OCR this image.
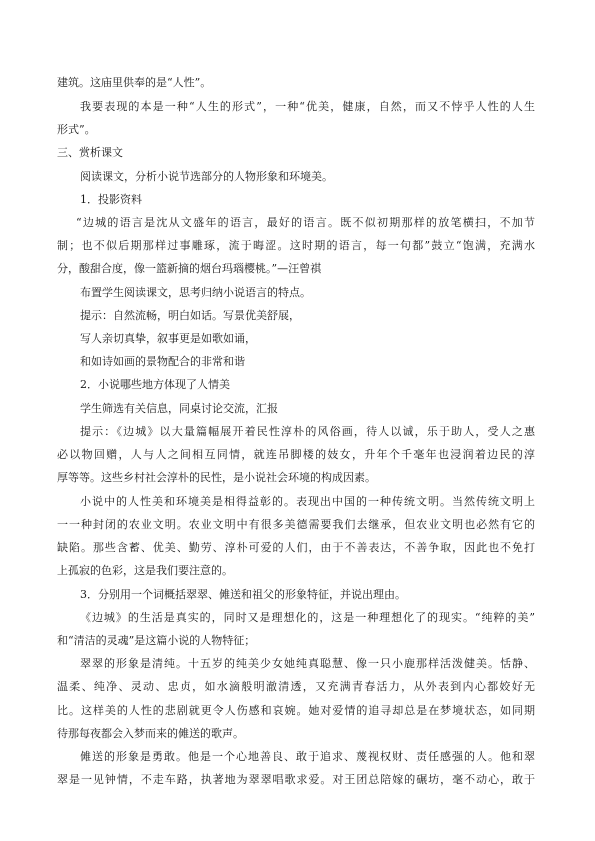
建筑。这庙里供奉的是“人性”。
我要表现的本是一种“人生的形式”，一种“优美，健康，自然，而又不悖乎人性的人生
形式”。
三、赏析课文
阅读课文，分析小说节选部分的人物形象和环境美。
1．投影资料
“边城的语言是沈从文盛年的语言，最好的语言。既不似初期那样的放笔横扫，不加节
制；也不似后期那样过事雕琢，流于晦涩。这时期的语言，每一句都”鼓立“饱满，充满水
分，酸甜合度，像一篮新摘的烟台玛瑙樱桃。”—汪曾祺
布置学生阅读课文，思考归纳小说语言的特点。
提示：自然流畅，明白如话。写景优美舒展，
写人亲切真挚，叙事更是如歌如诵，
和如诗如画的景物配合的非常和谐
2．小说哪些地方体现了人情美
学生筛选有关信息，同桌讨论交流，汇报
提示：《边城》以大量篇幅展开着民性淳朴的风俗画，待人以诚，乐于助人，受人之惠
必以物回赠，人与人之间相互同情，就连吊脚楼的妓女，升年个千毫年也浸润着边民的淳
厚等等。这些乡村社会淳朴的民性，是小说社会环境的构成因素。
小说中的人性美和环境美是相得益彰的。表现出中国的一种传统文明。当然传统文明上
一一种封闭的农业文明。农业文明中有很多美德需要我们去继承，但农业文明也必然有它的
缺陷。那些含蓄、优美、勤劳、淳朴可爱的人们，由于不善表达，不善争取，因此也不免打
上孤寂的色彩，这是我们要注意的。
3．分别用一个词概括翠翠、傩送和祖父的形象特征，并说出理由。
《边城》的生活是真实的，同时又是理想化的，这是一种理想化了的现实。“纯粹的美”
和“清洁的灵魂”是这篇小说的人物特征；
翠翠的形象是清纯。十五岁的纯美少女她纯真聪慧、像一只小鹿那样活泼健美。恬静、
温柔、纯净、灵动、忠贞，如水滴般明澈清透，又充满青春活力，从外表到内心都姣好无
比。这样美的人性的悲剧就更令人伤感和哀婉。她对爱情的追寻却总是在梦境状态，如同期
待那每夜都会入梦而来的傩送的歌声。
傩送的形象是勇敢。他是一个心地善良、敢于追求、蔑视权财、责任感强的人。他和翠
翠是一见钟情，不走车路，执著地为翠翠唱歌求爱。对王团总陪嫁的碾坊，毫不动心，敢于
